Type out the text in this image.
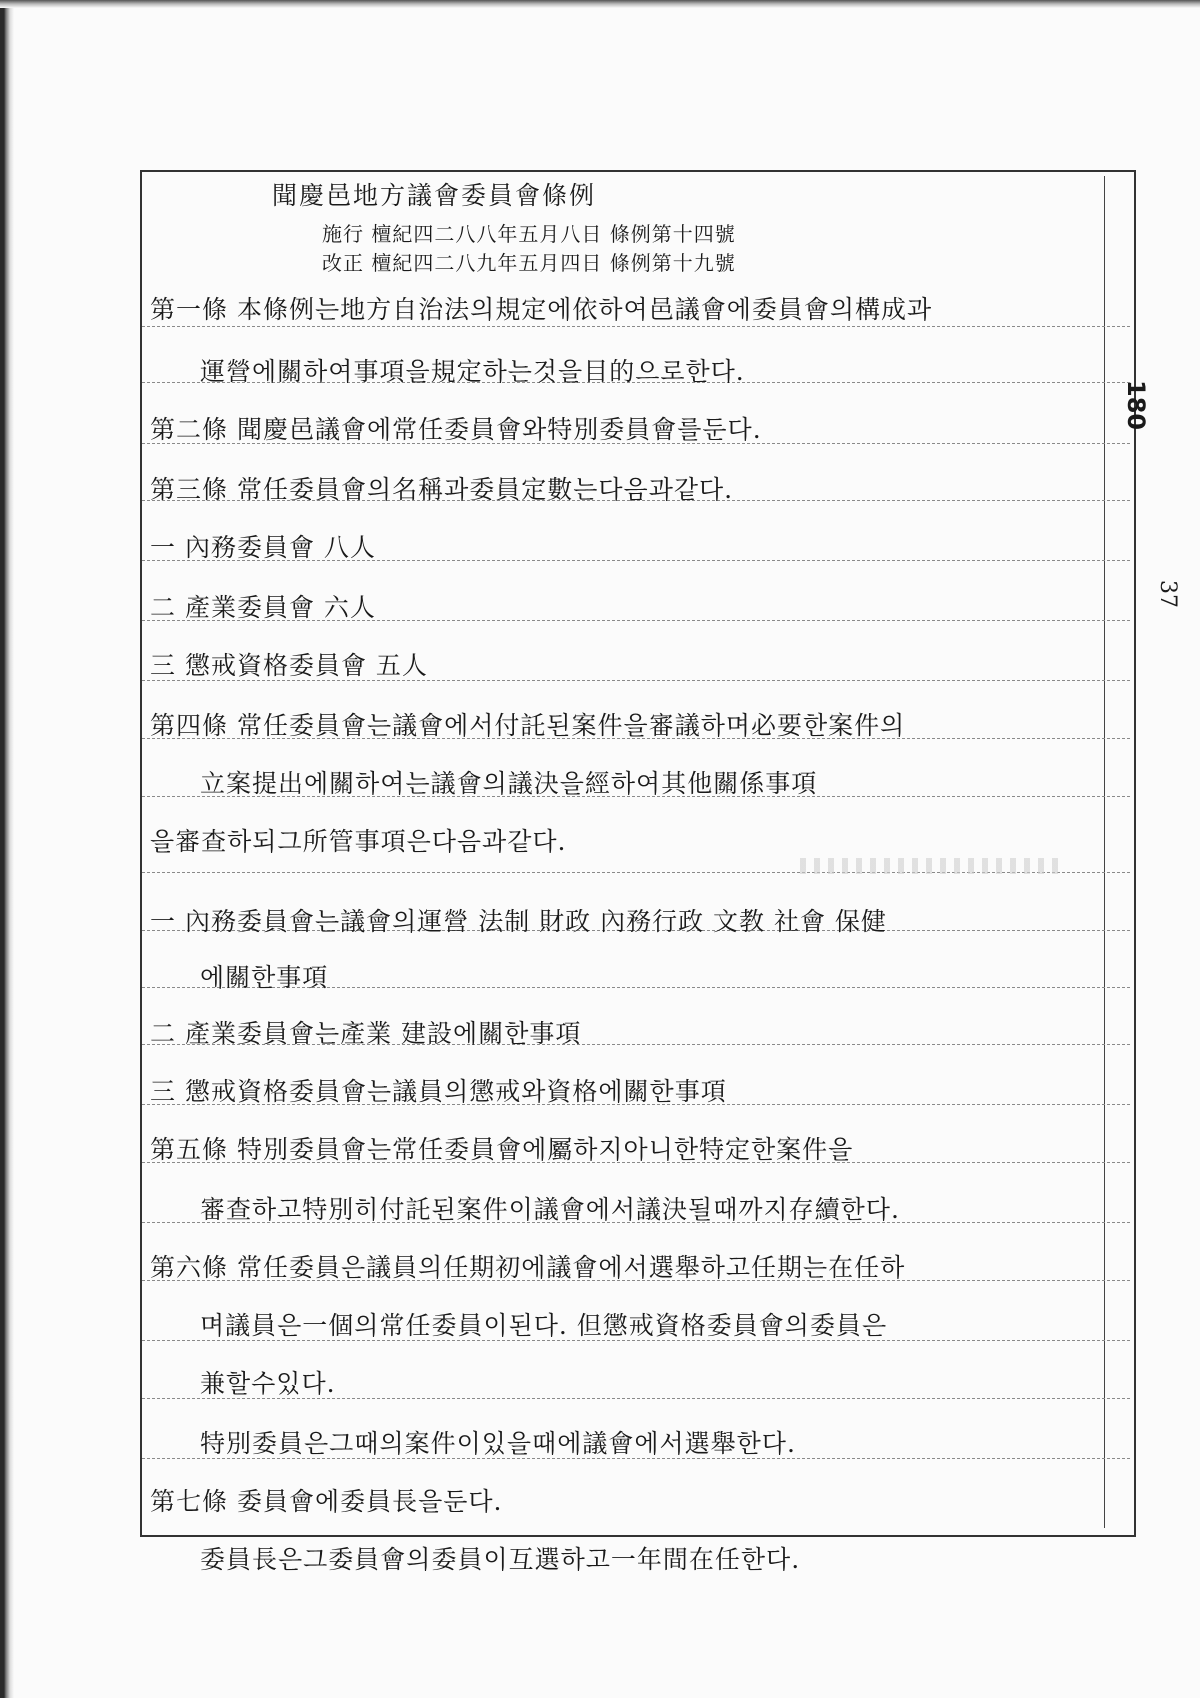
180
37
聞慶邑地方議會委員會條例
施行 檀紀四二八八年五月八日 條例第十四號
改正 檀紀四二八九年五月四日 條例第十九號
第一條 本條例는地方自治法의規定에依하여邑議會에委員會의構成과
運營에關하여事項을規定하는것을目的으로한다.
第二條 聞慶邑議會에常任委員會와特別委員會를둔다.
第三條 常任委員會의名稱과委員定數는다음과같다.
一 內務委員會 八人
二 產業委員會 六人
三 懲戒資格委員會 五人
第四條 常任委員會는議會에서付託된案件을審議하며必要한案件의
立案提出에關하여는議會의議決을經하여其他關係事項
을審查하되그所管事項은다음과같다.
一 內務委員會는議會의運營 法制 財政 內務行政 文教 社會 保健
에關한事項
二 產業委員會는產業 建設에關한事項
三 懲戒資格委員會는議員의懲戒와資格에關한事項
第五條 特別委員會는常任委員會에屬하지아니한特定한案件을
審查하고特別히付託된案件이議會에서議決될때까지存續한다.
第六條 常任委員은議員의任期初에議會에서選舉하고任期는在任하
며議員은一個의常任委員이된다. 但懲戒資格委員會의委員은
兼할수있다.
特別委員은그때의案件이있을때에議會에서選舉한다.
第七條 委員會에委員長을둔다.
委員長은그委員會의委員이互選하고一年間在任한다.
